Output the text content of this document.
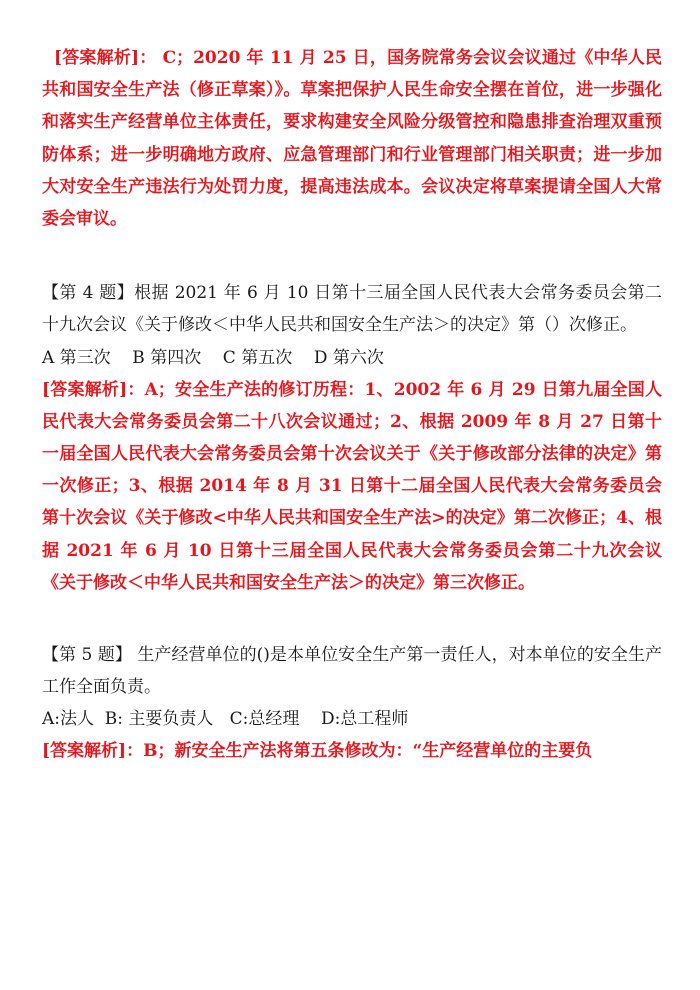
[答案解析]： C；2020 年 11 月 25 日，国务院常务会议会议通过《中华人民共和国安全生产法（修正草案）》。草案把保护人民生命安全摆在首位，进一步强化和落实生产经营单位主体责任，要求构建安全风险分级管控和隐患排查治理双重预防体系；进一步明确地方政府、应急管理部门和行业管理部门相关职责；进一步加大对安全生产违法行为处罚力度，提高违法成本。会议决定将草案提请全国人大常委会审议。
【第 4 题】根据 2021 年 6 月 10 日第十三届全国人民代表大会常务委员会第二十九次会议《关于修改＜中华人民共和国安全生产法＞的决定》第（）次修正。
A 第三次    B 第四次    C 第五次    D 第六次
[答案解析]：A；安全生产法的修订历程：1、2002 年 6 月 29 日第九届全国人民代表大会常务委员会第二十八次会议通过；2、根据 2009 年 8 月 27 日第十一届全国人民代表大会常务委员会第十次会议关于《关于修改部分法律的决定》第一次修正；3、根据 2014 年 8 月 31 日第十二届全国人民代表大会常务委员会第十次会议《关于修改<中华人民共和国安全生产法>的决定》第二次修正；4、根据 2021 年 6 月 10 日第十三届全国人民代表大会常务委员会第二十九次会议《关于修改＜中华人民共和国安全生产法＞的决定》第三次修正。
【第 5 题】 生产经营单位的()是本单位安全生产第一责任人，对本单位的安全生产工作全面负责。
A:法人  B: 主要负责人   C:总经理    D:总工程师
[答案解析]：B；新安全生产法将第五条修改为：“生产经营单位的主要负
